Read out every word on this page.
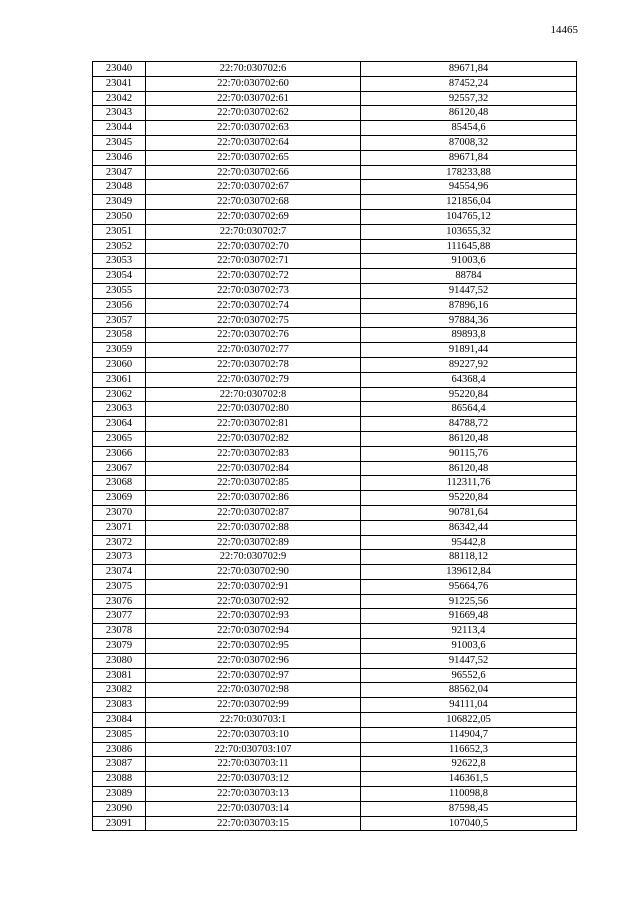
14465
23040	22:70:030702:6	89671,84
23041	22:70:030702:60	87452,24
23042	22:70:030702:61	92557,32
23043	22:70:030702:62	86120,48
23044	22:70:030702:63	85454,6
23045	22:70:030702:64	87008,32
23046	22:70:030702:65	89671,84
23047	22:70:030702:66	178233,88
23048	22:70:030702:67	94554,96
23049	22:70:030702:68	121856,04
23050	22:70:030702:69	104765,12
23051	22:70:030702:7	103655,32
23052	22:70:030702:70	111645,88
23053	22:70:030702:71	91003,6
23054	22:70:030702:72	88784
23055	22:70:030702:73	91447,52
23056	22:70:030702:74	87896,16
23057	22:70:030702:75	97884,36
23058	22:70:030702:76	89893,8
23059	22:70:030702:77	91891,44
23060	22:70:030702:78	89227,92
23061	22:70:030702:79	64368,4
23062	22:70:030702:8	95220,84
23063	22:70:030702:80	86564,4
23064	22:70:030702:81	84788,72
23065	22:70:030702:82	86120,48
23066	22:70:030702:83	90115,76
23067	22:70:030702:84	86120,48
23068	22:70:030702:85	112311,76
23069	22:70:030702:86	95220,84
23070	22:70:030702:87	90781,64
23071	22:70:030702:88	86342,44
23072	22:70:030702:89	95442,8
23073	22:70:030702:9	88118,12
23074	22:70:030702:90	139612,84
23075	22:70:030702:91	95664,76
23076	22:70:030702:92	91225,56
23077	22:70:030702:93	91669,48
23078	22:70:030702:94	92113,4
23079	22:70:030702:95	91003,6
23080	22:70:030702:96	91447,52
23081	22:70:030702:97	96552,6
23082	22:70:030702:98	88562,04
23083	22:70:030702:99	94111,04
23084	22:70:030703:1	106822,05
23085	22:70:030703:10	114904,7
23086	22:70:030703:107	116652,3
23087	22:70:030703:11	92622,8
23088	22:70:030703:12	146361,5
23089	22:70:030703:13	110098,8
23090	22:70:030703:14	87598,45
23091	22:70:030703:15	107040,5
